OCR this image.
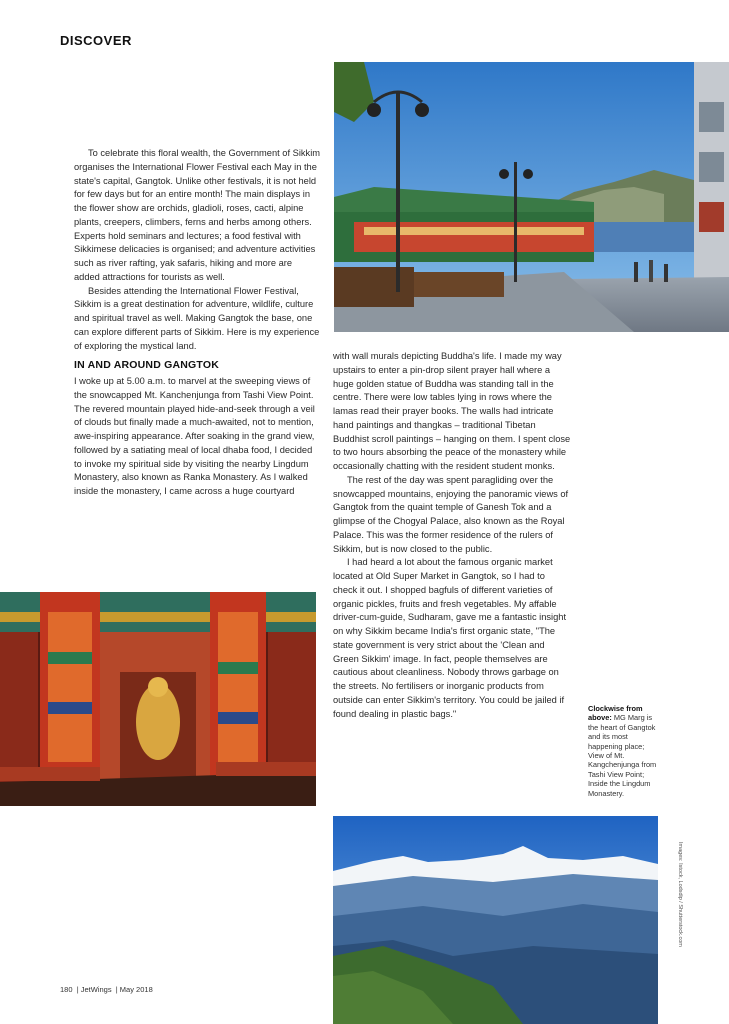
DISCOVER

To celebrate this floral wealth, the Government of Sikkim organises the International Flower Festival each May in the state's capital, Gangtok. Unlike other festivals, it is not held for few days but for an entire month! The main displays in the flower show are orchids, gladioli, roses, cacti, alpine plants, creepers, climbers, ferns and herbs among others. Experts hold seminars and lectures; a food festival with Sikkimese delicacies is organised; and adventure activities such as river rafting, yak safaris, hiking and more are added attractions for tourists as well.

Besides attending the International Flower Festival, Sikkim is a great destination for adventure, wildlife, culture and spiritual travel as well. Making Gangtok the base, one can explore different parts of Sikkim. Here is my experience of exploring the mystical land.

IN AND AROUND GANGTOK

I woke up at 5.00 a.m. to marvel at the sweeping views of the snowcapped Mt. Kanchenjunga from Tashi View Point. The revered mountain played hide-and-seek through a veil of clouds but finally made a much-awaited, not to mention, awe-inspiring appearance. After soaking in the grand view, followed by a satiating meal of local dhaba food, I decided to invoke my spiritual side by visiting the nearby Lingdum Monastery, also known as Ranka Monastery. As I walked inside the monastery, I came across a huge courtyard

with wall murals depicting Buddha's life. I made my way upstairs to enter a pin-drop silent prayer hall where a huge golden statue of Buddha was standing tall in the centre. There were low tables lying in rows where the lamas read their prayer books. The walls had intricate hand paintings and thangkas – traditional Tibetan Buddhist scroll paintings – hanging on them. I spent close to two hours absorbing the peace of the monastery while occasionally chatting with the resident student monks.

The rest of the day was spent paragliding over the snowcapped mountains, enjoying the panoramic views of Gangtok from the quaint temple of Ganesh Tok and a glimpse of the Chogyal Palace, also known as the Royal Palace. This was the former residence of the rulers of Sikkim, but is now closed to the public.

I had heard a lot about the famous organic market located at Old Super Market in Gangtok, so I had to check it out. I shopped bagfuls of different varieties of organic pickles, fruits and fresh vegetables. My affable driver-cum-guide, Sudharam, gave me a fantastic insight on why Sikkim became India's first organic state, "The state government is very strict about the 'Clean and Green Sikkim' image. In fact, people themselves are cautious about cleanliness. Nobody throws garbage on the streets. No fertilisers or inorganic products from outside can enter Sikkim's territory. You could be jailed if found dealing in plastic bags."	Clockwise from above: MG Marg is the heart of Gangtok and its most happening place; View of Mt. Kangchenjunga from Tashi View Point; Inside the Lingdum Monastery.
Images: Istock, Lodsdip / Shutterstock.com
180  | JetWings  | May 2018
